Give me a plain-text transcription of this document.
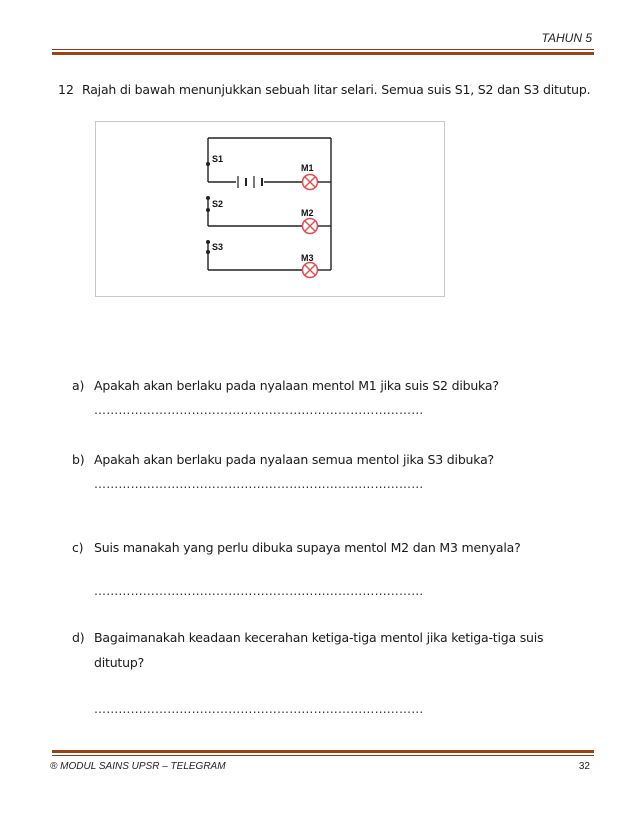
TAHUN 5
12 Rajah di bawah menunjukkan sebuah litar selari. Semua suis S1, S2 dan S3 ditutup.
S1
S2
S3
M1
M2
M3
a) Apakah akan berlaku pada nyalaan mentol M1 jika suis S2 dibuka?
………………………………………………………………………
b) Apakah akan berlaku pada nyalaan semua mentol jika S3 dibuka?
………………………………………………………………………
c) Suis manakah yang perlu dibuka supaya mentol M2 dan M3 menyala?
………………………………………………………………………
d) Bagaimanakah keadaan kecerahan ketiga-tiga mentol jika ketiga-tiga suis
ditutup?
………………………………………………………………………
® MODUL SAINS UPSR – TELEGRAM	32
